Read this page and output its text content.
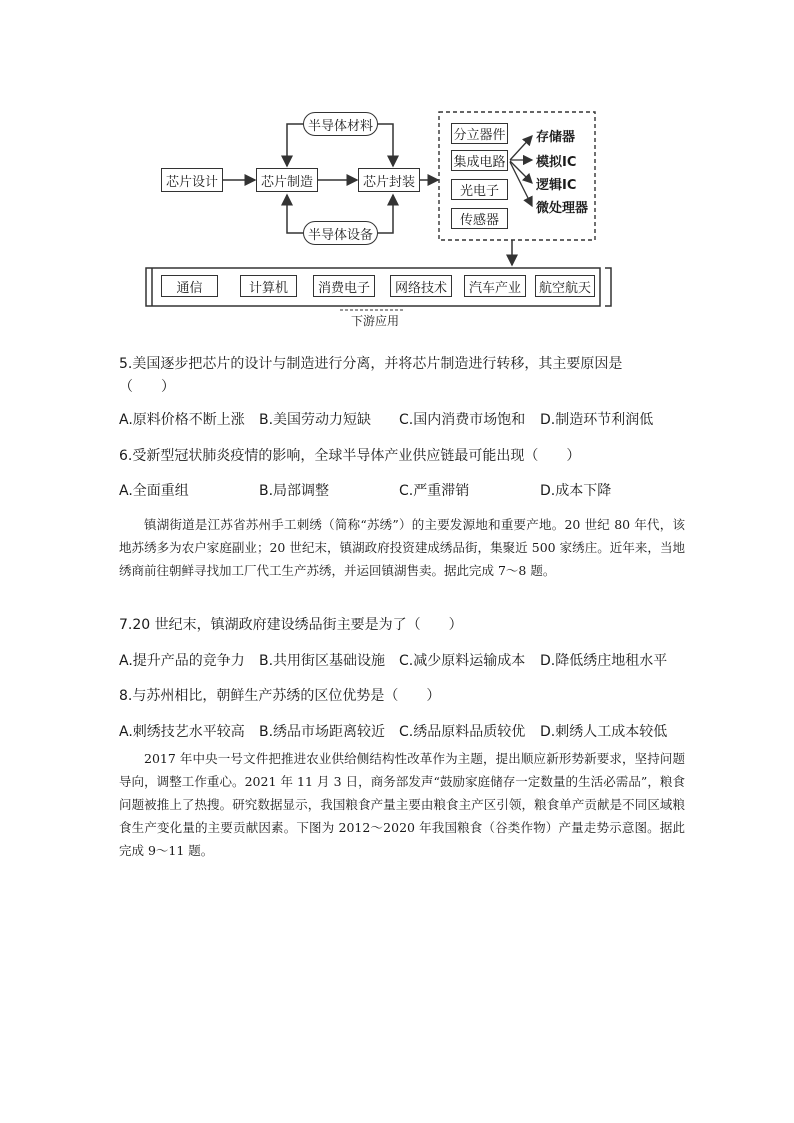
芯片设计	芯片制造	芯片封装
半导体材料
半导体设备
分立器件
集成电路
光电子
传感器
存储器
模拟IC
逻辑IC
微处理器
通信	计算机	消费电子	网络技术	汽车产业	航空航天
下游应用
5.美国逐步把芯片的设计与制造进行分离，并将芯片制造进行转移，其主要原因是
（　　）
A.原料价格不断上涨 B.美国劳动力短缺 C.国内消费市场饱和 D.制造环节利润低
6.受新型冠状肺炎疫情的影响，全球半导体产业供应链最可能出现（　　）
A.全面重组	B.局部调整	C.严重滞销	D.成本下降
镇湖街道是江苏省苏州手工刺绣（简称“苏绣”）的主要发源地和重要产地。20 世纪 80 年代，该地苏绣多为农户家庭副业；20 世纪末，镇湖政府投资建成绣品街，集聚近 500 家绣庄。近年来，当地绣商前往朝鲜寻找加工厂代工生产苏绣，并运回镇湖售卖。据此完成 7～8 题。
7.20 世纪末，镇湖政府建设绣品街主要是为了（　　）
A.提升产品的竞争力 B.共用街区基础设施 C.减少原料运输成本 D.降低绣庄地租水平
8.与苏州相比，朝鲜生产苏绣的区位优势是（　　）
A.刺绣技艺水平较高 B.绣品市场距离较近 C.绣品原料品质较优 D.刺绣人工成本较低
2017 年中央一号文件把推进农业供给侧结构性改革作为主题，提出顺应新形势新要求，坚持问题导向，调整工作重心。2021 年 11 月 3 日，商务部发声“鼓励家庭储存一定数量的生活必需品”，粮食问题被推上了热搜。研究数据显示，我国粮食产量主要由粮食主产区引领，粮食单产贡献是不同区域粮食生产变化量的主要贡献因素。下图为 2012～2020 年我国粮食（谷类作物）产量走势示意图。据此完成 9～11 题。
